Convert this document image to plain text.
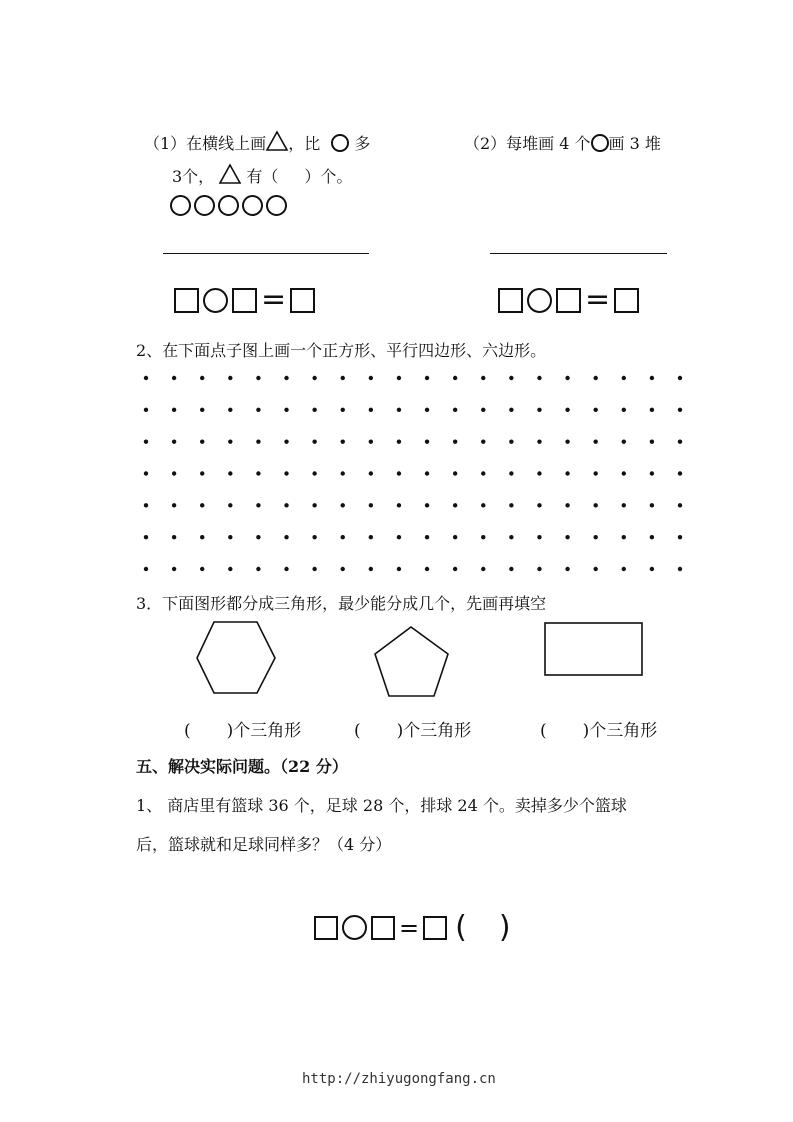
（1）在横线上画 ，比 多
3个， 有（ ）个。
（2）每堆画 4 个 画 3 堆
=	=
2、在下面点子图上画一个正方形、平行四边形、六边形。
3．下面图形都分成三角形，最少能分成几个，先画再填空
( )个三角形	( )个三角形	( )个三角形
五、解决实际问题。（22 分）
1、 商店里有篮球 36 个，足球 28 个，排球 24 个。卖掉多少个篮球
后，篮球就和足球同样多？（4 分）
= ( )
http://zhiyugongfang.cn
